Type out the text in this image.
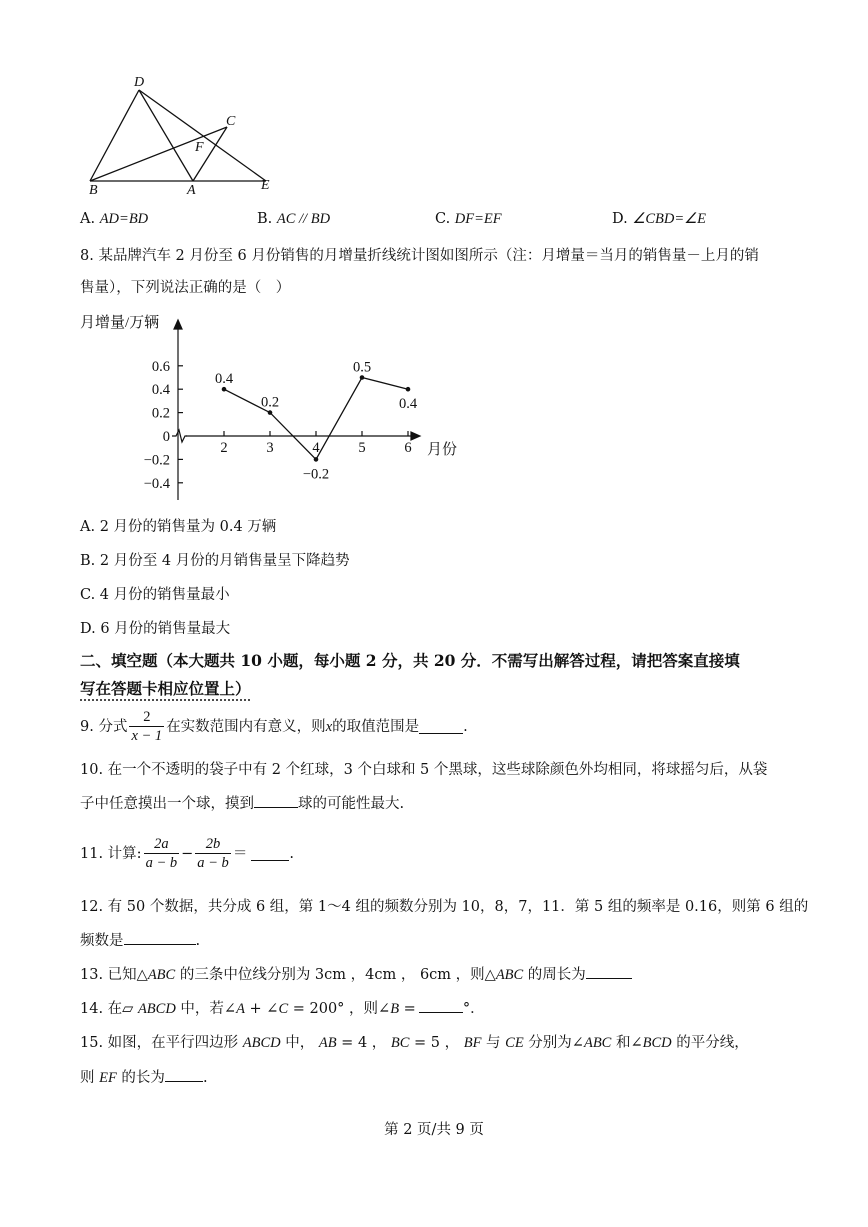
D
C
F
B	A	E
A. AD=BD	B. AC // BD	C. DF=EF	D. ∠CBD=∠E
8. 某品牌汽车 2 月份至 6 月份销售的月增量折线统计图如图所示（注：月增量＝当月的销售量－上月的销
售量），下列说法正确的是（　）
月增量/万辆
月份
0.6
0.4
0.2
0
−0.2
−0.4
2	3	4	5	6
0.4
0.2
−0.2
0.5
0.4
A. 2 月份的销售量为 0.4 万辆
B. 2 月份至 4 月份的月销售量呈下降趋势
C. 4 月份的销售量最小
D. 6 月份的销售量最大
二、填空题（本大题共 10 小题，每小题 2 分，共 20 分．不需写出解答过程，请把答案直接填
写在答题卡相应位置上）
9. 分式 $\frac{2}{x - 1}$ 在实数范围内有意义，则 x 的取值范围是	.
10. 在一个不透明的袋子中有 2 个红球，3 个白球和 5 个黑球，这些球除颜色外均相同，将球摇匀后，从袋
子中任意摸出一个球，摸到	球的可能性最大.
11. 计算: $\frac{2a}{a - b} - \frac{2b}{a - b}$ ＝	.
12. 有 50 个数据，共分成 6 组，第 1～4 组的频数分别为 10，8，7，11．第 5 组的频率是 0.16，则第 6 组的
频数是	.
13. 已知△ABC 的三条中位线分别为 3cm ，4cm ， 6cm ，则△ABC 的周长为
14. 在▱ ABCD 中，若∠A + ∠C = 200° ，则∠B =	°．
15. 如图，在平行四边形 ABCD 中， AB = 4 ， BC = 5 ， BF 与 CE 分别为∠ABC 和∠BCD 的平分线，
则 EF 的长为	.
第 2 页/共 9 页
